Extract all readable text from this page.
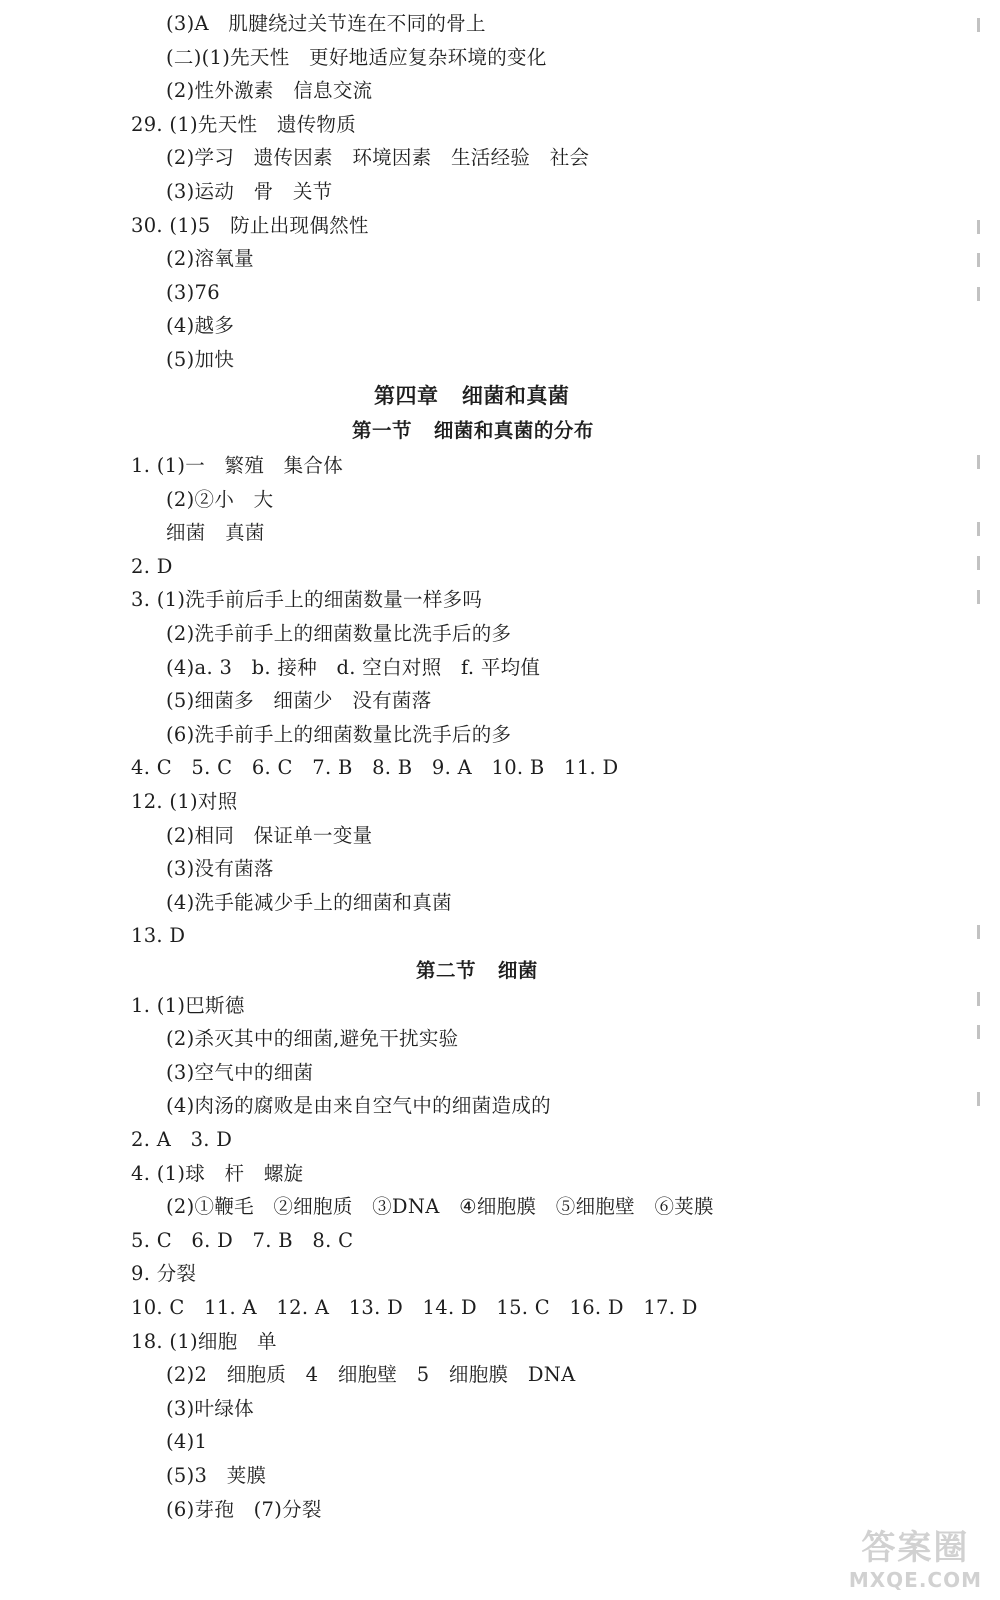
(3)A   肌腱绕过关节连在不同的骨上
(二)(1)先天性   更好地适应复杂环境的变化
(2)性外激素   信息交流
29. (1)先天性   遗传物质
(2)学习   遗传因素   环境因素   生活经验   社会
(3)运动   骨   关节
30. (1)5   防止出现偶然性
(2)溶氧量
(3)76
(4)越多
(5)加快
第四章   细菌和真菌
第一节   细菌和真菌的分布
1. (1)一   繁殖   集合体
(2)②小   大
细菌   真菌
2. D
3. (1)洗手前后手上的细菌数量一样多吗
(2)洗手前手上的细菌数量比洗手后的多
(4)a. 3   b. 接种   d. 空白对照   f. 平均值
(5)细菌多   细菌少   没有菌落
(6)洗手前手上的细菌数量比洗手后的多
4. C   5. C   6. C   7. B   8. B   9. A   10. B   11. D
12. (1)对照
(2)相同   保证单一变量
(3)没有菌落
(4)洗手能减少手上的细菌和真菌
13. D
第二节   细菌
1. (1)巴斯德
(2)杀灭其中的细菌,避免干扰实验
(3)空气中的细菌
(4)肉汤的腐败是由来自空气中的细菌造成的
2. A   3. D
4. (1)球   杆   螺旋
(2)①鞭毛   ②细胞质   ③DNA   ④细胞膜   ⑤细胞壁   ⑥荚膜
5. C   6. D   7. B   8. C
9. 分裂
10. C   11. A   12. A   13. D   14. D   15. C   16. D   17. D
18. (1)细胞   单
(2)2   细胞质   4   细胞壁   5   细胞膜   DNA
(3)叶绿体
(4)1
(5)3   荚膜
(6)芽孢   (7)分裂
答案圈
MXQE.COM
